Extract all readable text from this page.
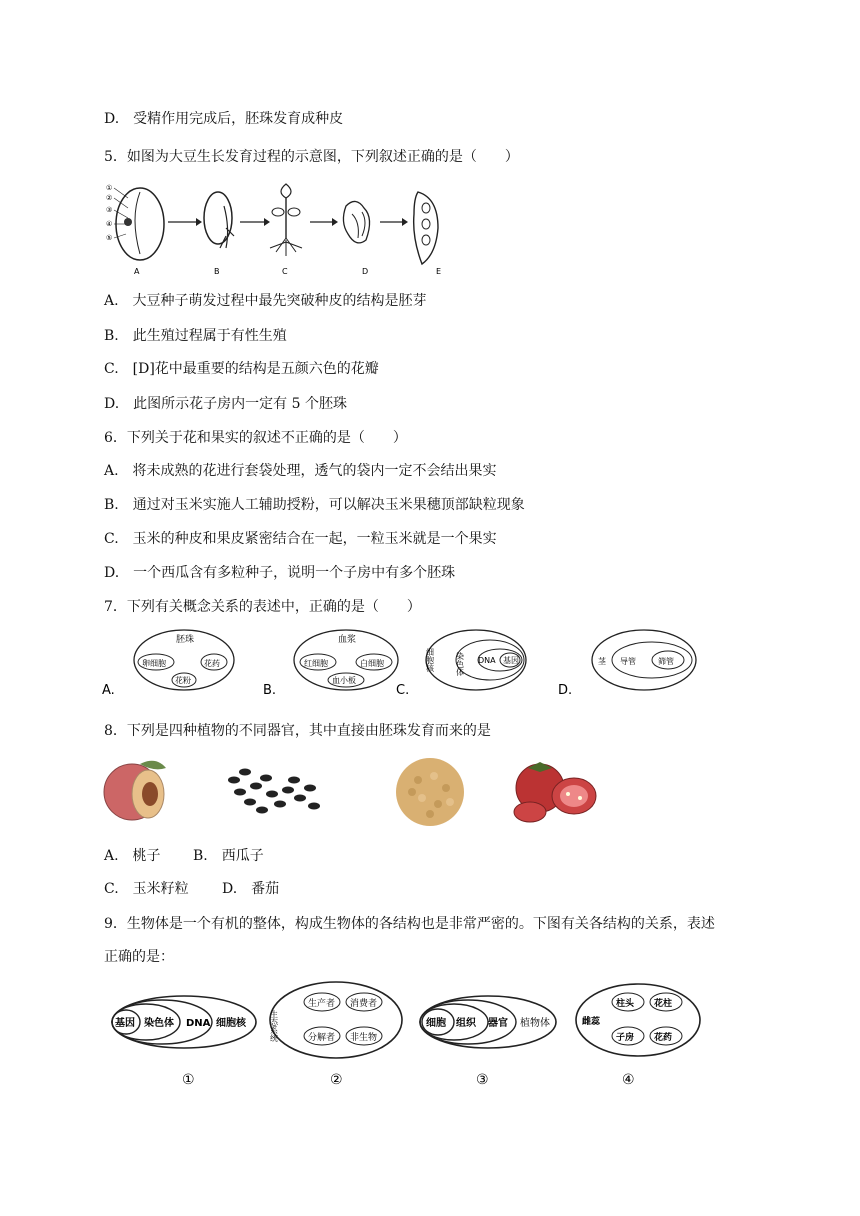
D.　受精作用完成后，胚珠发育成种皮
5．如图为大豆生长发育过程的示意图，下列叙述正确的是（　　）
①
②
③
④
⑤
A	B	C	D	E
A.　大豆种子萌发过程中最先突破种皮的结构是胚芽
B.　此生殖过程属于有性生殖
C.　[D]花中最重要的结构是五颜六色的花瓣
D.　此图所示花子房内一定有 5 个胚珠
6．下列关于花和果实的叙述不正确的是（　　）
A.　将未成熟的花进行套袋处理，透气的袋内一定不会结出果实
B.　通过对玉米实施人工辅助授粉，可以解决玉米果穗顶部缺粒现象
C.　玉米的种皮和果皮紧密结合在一起，一粒玉米就是一个果实
D.　一个西瓜含有多粒种子，说明一个子房中有多个胚珠
7．下列有关概念关系的表述中，正确的是（　　）
A.	B.	C.	D.
胚珠
卵细胞	花药
花粉
血浆
红细胞	白细胞
血小板
细胞核	染色体 DNA 基因	茎 导管	筛管
8．下列是四种植物的不同器官，其中直接由胚珠发育而来的是
A.　桃子 B.　西瓜子
C.　玉米籽粒 D.　番茄
9．生物体是一个有机的整体，构成生物体的各结构也是非常严密的。下图有关各结构的关系，表述
正确的是：
基因 染色体 DNA 细胞核	生态系统
生产者 消费者
分解者 非生物
细胞 组织 器官 植物体	雌蕊
柱头 花柱
子房 花药
①	②	③	④
